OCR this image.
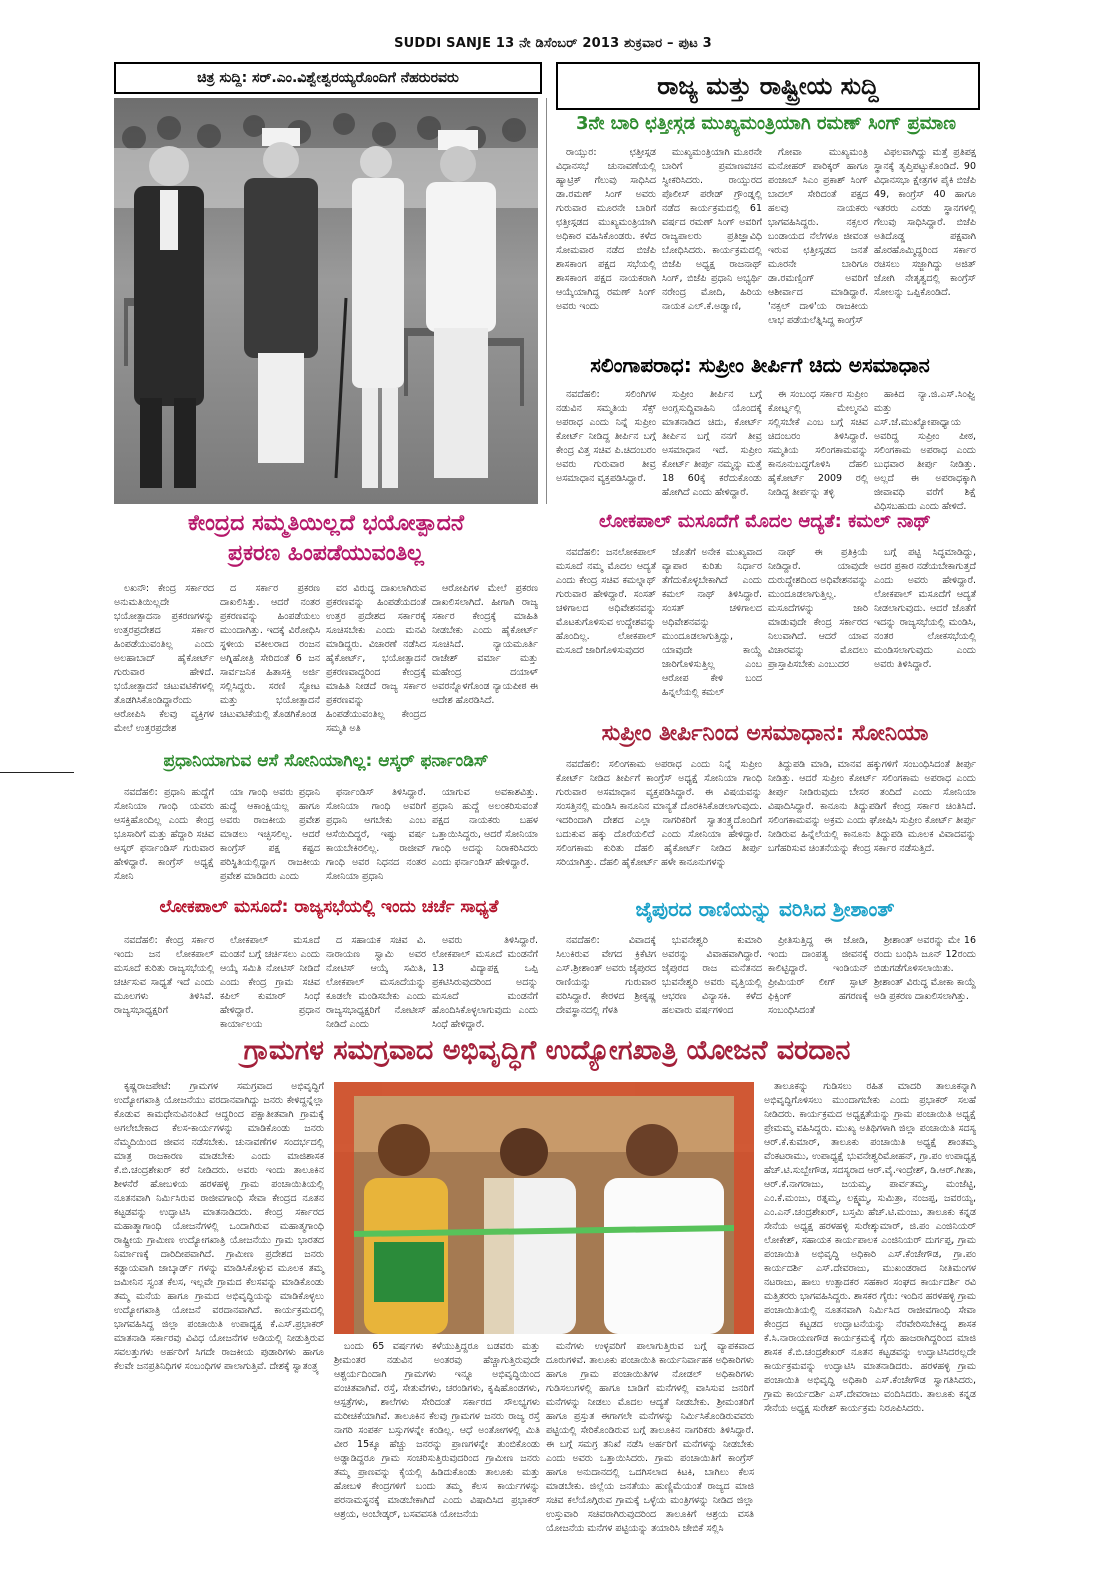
SUDDI SANJE 13 ನೇ ಡಿಸೆಂಬರ್ 2013 ಶುಕ್ರವಾರ – ಪುಟ 3
ಚಿತ್ರ ಸುದ್ದಿ: ಸರ್.ಎಂ.ವಿಶ್ವೇಶ್ವರಯ್ಯರೊಂದಿಗೆ ನೆಹರುರವರು	ರಾಜ್ಯ ಮತ್ತು ರಾಷ್ಟ್ರೀಯ ಸುದ್ದಿ
3ನೇ ಬಾರಿ ಛತ್ತೀಸ್ಗಡ ಮುಖ್ಯಮಂತ್ರಿಯಾಗಿ ರಮಣ್ ಸಿಂಗ್ ಪ್ರಮಾಣ

ರಾಯ್ಪುರ: ಛತ್ತೀಸ್ಗಡ ವಿಧಾನಸಭೆ ಚುನಾವಣೆಯಲ್ಲಿ ಹ್ಯಾಟ್ರಿಕ್ ಗೆಲುವು ಸಾಧಿಸಿದ ಡಾ.ರಮಣ್ ಸಿಂಗ್ ಅವರು ಗುರುವಾರ ಮೂರನೇ ಬಾರಿಗೆ ಛತ್ತೀಸ್ಗಡದ ಮುಖ್ಯಮಂತ್ರಿಯಾಗಿ ಅಧಿಕಾರ ವಹಿಸಿಕೊಂಡರು. ಕಳೆದ ಸೋಮವಾರ ನಡೆದ ಬಿಜೆಪಿ ಶಾಸಕಾಂಗ ಪಕ್ಷದ ಸಭೆಯಲ್ಲಿ ಶಾಸಕಾಂಗ ಪಕ್ಷದ ನಾಯಕರಾಗಿ ಆಯ್ಕೆಯಾಗಿದ್ದ ರಮಣ್ ಸಿಂಗ್ ಅವರು ಇಂದು

ಮುಖ್ಯಮಂತ್ರಿಯಾಗಿ ಮೂರನೇ ಬಾರಿಗೆ ಪ್ರಮಾಣವಚನ ಸ್ವೀಕರಿಸಿದರು. ರಾಯ್ಪುರದ ಪೊಲೀಸ್ ಪರೇಡ್ ಗ್ರೌಂಡ್ನಲ್ಲಿ ನಡೆದ ಕಾರ್ಯಕ್ರಮದಲ್ಲಿ 61 ವರ್ಷದ ರಮಣ್ ಸಿಂಗ್ ಅವರಿಗೆ ರಾಜ್ಯಪಾಲರು ಪ್ರತಿಜ್ಞಾವಿಧಿ ಬೋಧಿಸಿದರು. ಕಾರ್ಯಕ್ರಮದಲ್ಲಿ ಬಿಜೆಪಿ ಅಧ್ಯಕ್ಷ ರಾಜನಾಥ್ ಸಿಂಗ್, ಬಿಜೆಪಿ ಪ್ರಧಾನಿ ಅಭ್ಯರ್ಥಿ ನರೇಂದ್ರ ಮೋದಿ, ಹಿರಿಯ ನಾಯಕ ಎಲ್.ಕೆ.ಅಡ್ವಾಣಿ,

ಗೋವಾ ಮುಖ್ಯಮಂತ್ರಿ ಮನೋಹರ್ ಪಾರಿಕ್ಕರ್ ಹಾಗೂ ಪಂಜಾಬ್ ಸಿಎಂ ಪ್ರಕಾಶ್ ಸಿಂಗ್ ಬಾದಲ್ ಸೇರಿದಂತೆ ಪಕ್ಷದ ಹಲವು ನಾಯಕರು ಭಾಗವಹಿಸಿದ್ದರು. ನಕ್ಸಲರ ಬಂಡಾಯದ ನೆಲೆಗಳೂ ಜೀವಂತ ಇರುವ ಛತ್ತೀಸ್ಗಡದ ಜನತೆ ಮೂರನೇ ಬಾರಿಗೂ ಡಾ.ರಮಣ್ಸಿಂಗ್ ಅವರಿಗೆ ಆಶೀರ್ವಾದ ಮಾಡಿದ್ದಾರೆ. 'ನಕ್ಸಲ್ ದಾಳಿ'ಯ ರಾಜಕೀಯ ಲಾಭ ಪಡೆಯಲೆತ್ನಿಸಿದ್ದ ಕಾಂಗ್ರೆಸ್

ವಿಫಲವಾಗಿದ್ದು ಮತ್ತೆ ಪ್ರತಿಪಕ್ಷ ಸ್ಥಾನಕ್ಕೆ ತೃಪ್ತಿಪಟ್ಟುಕೊಂಡಿದೆ. 90 ವಿಧಾನಸಭಾ ಕ್ಷೇತ್ರಗಳ ಪೈಕಿ ಬಿಜೆಪಿ 49, ಕಾಂಗ್ರೆಸ್ 40 ಹಾಗೂ ಇತರರು ಎರಡು ಸ್ಥಾನಗಳಲ್ಲಿ ಗೆಲುವು ಸಾಧಿಸಿದ್ದಾರೆ. ಬಿಜೆಪಿ ಅತಿದೊಡ್ಡ ಪಕ್ಷವಾಗಿ ಹೊರಹೊಮ್ಮಿದ್ದರಿಂದ ಸರ್ಕಾರ ರಚಿಸಲು ಸಜ್ಜಾಗಿದ್ದು ಅಜಿತ್ ಜೋಗಿ ನೇತೃತ್ವದಲ್ಲಿ ಕಾಂಗ್ರೆಸ್ ಸೋಲನ್ನು ಒಪ್ಪಿಕೊಂಡಿದೆ.

ಸಲಿಂಗಾಪರಾಧ: ಸುಪ್ರೀಂ ತೀರ್ಪಿಗೆ ಚಿದು ಅಸಮಾಧಾನ

ನವದೆಹಲಿ: ಸಲಿಂಗಿಗಳ ನಡುವಿನ ಸಮ್ಮತಿಯ ಸೆಕ್ಸ್ ಅಪರಾಧ ಎಂದು ನಿನ್ನೆ ಸುಪ್ರೀಂ ಕೋರ್ಟ್ ನೀಡಿದ್ದ ತೀರ್ಪಿನ ಬಗ್ಗೆ ಕೇಂದ್ರ ವಿತ್ತ ಸಚಿವ ಪಿ.ಚಿದಂಬರಂ ಅವರು ಗುರುವಾರ ತೀವ್ರ ಅಸಮಾಧಾನ ವ್ಯಕ್ತಪಡಿಸಿದ್ದಾರೆ.

ಸುಪ್ರೀಂ ತೀರ್ಪಿನ ಬಗ್ಗೆ ಅಂಗ್ಲಸುದ್ದಿವಾಹಿನಿ ಯೊಂದಕ್ಕೆ ಮಾತನಾಡಿದ ಚಿದು, ಕೋರ್ಟ್ ತೀರ್ಪಿನ ಬಗ್ಗೆ ನನಗೆ ತೀವ್ರ ಅಸಮಾಧಾನ ಇದೆ. ಸುಪ್ರೀಂ ಕೋರ್ಟ್ ತೀರ್ಪು ನಮ್ಮನ್ನು ಮತ್ತೆ 18 60ಕ್ಕೆ ಕರೆದುಕೊಂಡು ಹೋಗಿದೆ ಎಂದು ಹೇಳಿದ್ದಾರೆ.

ಈ ಸಂಬಂಧ ಸರ್ಕಾರ ಸುಪ್ರೀಂ ಕೋರ್ಟ್ನಲ್ಲಿ ಮೇಲ್ಮನವಿ ಸಲ್ಲಿಸಬೇಕೆ ಎಂಬ ಬಗ್ಗೆ ಸಚಿವ ಚಿದಂಬರಂ ತಿಳಿಸಿದ್ದಾರೆ. ಸಮ್ಮತಿಯ ಸಲಿಂಗಕಾಮವನ್ನು ಕಾನೂನುಬದ್ಧಗೊಳಿಸಿ ದೆಹಲಿ ಹೈಕೋರ್ಟ್ 2009 ರಲ್ಲಿ ನೀಡಿದ್ದ ತೀರ್ಪನ್ನು ತಳ್ಳಿ

ಹಾಕಿದ ನ್ಯಾ.ಜಿ.ಎಸ್.ಸಿಂಘ್ವಿ ಮತ್ತು ಎಸ್.ಜೆ.ಮುಖ್ಯೋಪಾಧ್ಯಾಯ ಅವರಿದ್ದ ಸುಪ್ರೀಂ ಪೀಠ, ಸಲಿಂಗಕಾಮ ಅಪರಾಧ ಎಂದು ಬುಧವಾರ ತೀರ್ಪು ನೀಡಿತ್ತು. ಅಲ್ಲದೆ ಈ ಅಪರಾಧಕ್ಕಾಗಿ ಜೀವಾವಧಿ ವರೆಗೆ ಶಿಕ್ಷೆ ವಿಧಿಸಬಹುದು ಎಂದು ಹೇಳಿದೆ.

ಕೇಂದ್ರದ ಸಮ್ಮತಿಯಿಲ್ಲದೆ ಭಯೋತ್ಪಾದನೆ
ಪ್ರಕರಣ ಹಿಂಪಡೆಯುವಂತಿಲ್ಲ

ಲಖನೌ: ಕೇಂದ್ರ ಸರ್ಕಾರದ ಅನುಮತಿಯಿಲ್ಲದೇ ಭಯೋತ್ಪಾದನಾ ಪ್ರಕರಣಗಳನ್ನು ಉತ್ತರಪ್ರದೇಶದ ಸರ್ಕಾರ ಹಿಂಪಡೆಯುವಂತಿಲ್ಲ ಎಂದು ಅಲಹಾಬಾದ್ ಹೈಕೋರ್ಟ್ ಗುರುವಾರ ಹೇಳಿದೆ. ಭಯೋತ್ಪಾದನೆ ಚಟುವಟಿಕೆಗಳಲ್ಲಿ ತೊಡಗಿಸಿಕೊಂಡಿದ್ದಾರೆಂದು ಆರೋಪಿಸಿ ಕೆಲವು ವ್ಯಕ್ತಿಗಳ ಮೇಲೆ ಉತ್ತರಪ್ರದೇಶ

ದ ಸರ್ಕಾರ ಪ್ರಕರಣ ದಾಖಲಿಸಿತ್ತು. ಆದರೆ ನಂತರ ಪ್ರಕರಣವನ್ನು ಹಿಂಪಡೆಯಲು ಮುಂದಾಗಿತ್ತು. ಇದಕ್ಕೆ ವಿರೋಧಿಸಿ ಸ್ಥಳೀಯ ವಕೀಲರಾದ ರಂಜನ ಅಗ್ನಿಹೋತ್ರಿ ಸೇರಿದಂತೆ 6 ಜನ ಸಾರ್ವಜನಿಕ ಹಿತಾಸಕ್ತಿ ಅರ್ಜಿ ಸಲ್ಲಿಸಿದ್ದರು. ಸರಣಿ ಸ್ಫೋಟ ಮತ್ತು ಭಯೋತ್ಪಾದನೆ ಚಟುವಟಿಕೆಯಲ್ಲಿ ತೊಡಗಿಕೊಂಡ

ವರ ವಿರುದ್ಧ ದಾಖಲಾಗಿರುವ ಪ್ರಕರಣವನ್ನು ಹಿಂಪಡೆಯದಂತೆ ಉತ್ತರ ಪ್ರದೇಶದ ಸರ್ಕಾರಕ್ಕೆ ಸೂಚಿಸಬೇಕು ಎಂದು ಮನವಿ ಮಾಡಿದ್ದರು. ವಿಚಾರಣೆ ನಡೆಸಿದ ಹೈಕೋರ್ಟ್, ಭಯೋತ್ಪಾದನೆ ಪ್ರಕರಣವಾದ್ದರಿಂದ ಕೇಂದ್ರಕ್ಕೆ ಮಾಹಿತಿ ನೀಡದೆ ರಾಜ್ಯ ಸರ್ಕಾರ ಪ್ರಕರಣವನ್ನು ಹಿಂಪಡೆಯುವಂತಿಲ್ಲ ಕೇಂದ್ರದ ಸಮ್ಮತಿ ಅತಿ

ಆರೋಪಿಗಳ ಮೇಲೆ ಪ್ರಕರಣ ದಾಖಲಿಸಲಾಗಿದೆ. ಹೀಗಾಗಿ ರಾಜ್ಯ ಸರ್ಕಾರ ಕೇಂದ್ರಕ್ಕೆ ಮಾಹಿತಿ ನೀಡಬೇಕು ಎಂದು ಹೈಕೋರ್ಟ್ ಸೂಚಿಸಿದೆ. ನ್ಯಾಯಮೂರ್ತಿ ರಾಜೇಶ್ ವರ್ಮಾ ಮತ್ತು ಮಹೇಂದ್ರ ದಯಾಳ್ ಅವರನ್ನೊಳಗೊಂಡ ನ್ಯಾಯಪೀಠ ಈ ಆದೇಶ ಹೊರಡಿಸಿದೆ.

ಲೋಕಪಾಲ್ ಮಸೂದೆಗೆ ಮೊದಲ ಆದ್ಯತೆ: ಕಮಲ್ ನಾಥ್

ನವದೆಹಲಿ: ಜನಲೋಕಪಾಲ್ ಮಸೂದೆ ನಮ್ಮ ಮೊದಲ ಆದ್ಯತೆ ಎಂದು ಕೇಂದ್ರ ಸಚಿವ ಕಮಲ್ನಾಥ್ ಗುರುವಾರ ಹೇಳಿದ್ದಾರೆ. ಸಂಸತ್ ಚಳಿಗಾಲದ ಅಧಿವೇಶನವನ್ನು ಮೊಟಕುಗೊಳಿಸುವ ಉದ್ದೇಶವನ್ನು ಹೊಂದಿಲ್ಲ. ಲೋಕಪಾಲ್ ಮಸೂದೆ ಜಾರಿಗೊಳಿಸುವುದರ

ಜೊತೆಗೆ ಅನೇಕ ಮುಖ್ಯವಾದ ವ್ಯಾಪಾರ ಕುರಿತು ನಿರ್ಧಾರ ತೆಗೆದುಕೊಳ್ಳಬೇಕಾಗಿದೆ ಎಂದು ಕಮಲ್ ನಾಥ್ ತಿಳಿಸಿದ್ದಾರೆ. ಸಂಸತ್ ಚಳಿಗಾಲದ ಅಧಿವೇಶನವನ್ನು ಮುಂದೂಡಲಾಗುತ್ತಿದ್ದು, ಯಾವುದೇ ಕಾಯ್ದೆ ಜಾರಿಗೊಳಿಸುತ್ತಿಲ್ಲ ಎಂಬ ಆರೋಪ ಕೇಳಿ ಬಂದ ಹಿನ್ನಲೆಯಲ್ಲಿ ಕಮಲ್

ನಾಥ್ ಈ ಪ್ರತಿಕ್ರಿಯೆ ನೀಡಿದ್ದಾರೆ. ಯಾವುದೇ ದುರುದ್ದೇಶದಿಂದ ಅಧಿವೇಶನವನ್ನು ಮುಂದೂಡಲಾಗುತ್ತಿಲ್ಲ. ಮಸೂದೆಗಳನ್ನು ಜಾರಿ ಮಾಡುವುದೇ ಕೇಂದ್ರ ಸರ್ಕಾರದ ನಿಲುವಾಗಿದೆ. ಆದರೆ ಯಾವ ವಿಚಾರವನ್ನು ಮೊದಲು ಪ್ರಾಸ್ತಾಪಿಸಬೇಕು ಎಂಬುದರ

ಬಗ್ಗೆ ಪಟ್ಟಿ ಸಿದ್ಧಮಾಡಿದ್ದು, ಅದರ ಪ್ರಕಾರ ನಡೆಯಬೇಕಾಗುತ್ತದೆ ಎಂದು ಅವರು ಹೇಳಿದ್ದಾರೆ. ಲೋಕಪಾಲ್ ಮಸೂದೆಗೆ ಆದ್ಯತೆ ನೀಡಲಾಗುವುದು. ಆದರೆ ಜೊತೆಗೆ ಇದನ್ನು ರಾಜ್ಯಸಭೆಯಲ್ಲಿ ಮಂಡಿಸಿ, ನಂತರ ಲೋಕಸಭೆಯಲ್ಲಿ ಮಂಡಿಸಲಾಗುವುದು ಎಂದು ಅವರು ತಿಳಿಸಿದ್ದಾರೆ.

ಪ್ರಧಾನಿಯಾಗುವ ಆಸೆ ಸೋನಿಯಾಗಿಲ್ಲ: ಆಸ್ಕರ್ ಫರ್ನಾಂಡಿಸ್

ನವದೆಹಲಿ: ಪ್ರಧಾನಿ ಹುದ್ದೆಗೆ ಸೋನಿಯಾ ಗಾಂಧಿ ಯವರು ಆಸಕ್ತಿಹೊಂದಿಲ್ಲ ಎಂದು ಕೇಂದ್ರ ಭೂಸಾರಿಗೆ ಮತ್ತು ಹೆದ್ದಾರಿ ಸಚಿವ ಆಸ್ಕರ್ ಫರ್ನಾಂಡಿಸ್ ಗುರುವಾರ ಹೇಳಿದ್ದಾರೆ. ಕಾಂಗ್ರೆಸ್ ಅಧ್ಯಕ್ಷೆ ಸೋನಿ

ಯಾ ಗಾಂಧಿ ಅವರು ಪ್ರಧಾನಿ ಹುದ್ದೆ ಆಕಾಂಕ್ಷಿಯಲ್ಲ ಹಾಗೂ ಅವರು ರಾಜಕೀಯ ಪ್ರವೇಶ ಮಾಡಲು ಇಚ್ಛಿಸಲಿಲ್ಲ. ಆದರೆ ಕಾಂಗ್ರೆಸ್ ಪಕ್ಷ ಕಷ್ಟದ ಪರಿಸ್ಥಿತಿಯಲ್ಲಿದ್ದಾಗ ರಾಜಕೀಯ ಪ್ರವೇಶ ಮಾಡಿದರು ಎಂದು

ಫರ್ನಾಂಡಿಸ್ ತಿಳಿಸಿದ್ದಾರೆ. ಸೋನಿಯಾ ಗಾಂಧಿ ಅವರಿಗೆ ಪ್ರಧಾನಿ ಆಗಬೇಕು ಎಂಬ ಆಸೆಯಿದಿದ್ದರೆ, ಇಷ್ಟು ವರ್ಷ ಕಾಯಬೇಕಿರಲಿಲ್ಲ. ರಾಜೀವ್ ಗಾಂಧಿ ಅವರ ನಿಧನದ ನಂತರ ಸೋನಿಯಾ ಪ್ರಧಾನಿ

ಯಾಗುವ ಅವಕಾಶವಿತ್ತು. ಪ್ರಧಾನಿ ಹುದ್ದೆ ಅಲಂಕರಿಸುವಂತೆ ಪಕ್ಷದ ನಾಯಕರು ಬಹಳ ಒತ್ತಾಯಿಸಿದ್ದರು, ಆದರೆ ಸೋನಿಯಾ ಗಾಂಧಿ ಅದನ್ನು ನಿರಾಕರಿಸಿದರು ಎಂದು ಫರ್ನಾಂಡಿಸ್ ಹೇಳಿದ್ದಾರೆ.

ಸುಪ್ರೀಂ ತೀರ್ಪಿನಿಂದ ಅಸಮಾಧಾನ: ಸೋನಿಯಾ

ನವದೆಹಲಿ: ಸಲಿಂಗಕಾಮ ಅಪರಾಧ ಎಂದು ನಿನ್ನೆ ಸುಪ್ರೀಂ ಕೋರ್ಟ್ ನೀಡಿದ ತೀರ್ಪಿಗೆ ಕಾಂಗ್ರೆಸ್ ಅಧ್ಯಕ್ಷೆ ಸೋನಿಯಾ ಗಾಂಧಿ ಗುರುವಾರ ಅಸಮಾಧಾನ ವ್ಯಕ್ತಪಡಿಸಿದ್ದಾರೆ. ಈ ವಿಷಯವನ್ನು ಸಂಸತ್ತಿನಲ್ಲಿ ಮಂಡಿಸಿ ಕಾನೂನಿನ ಮಾನ್ಯತೆ ದೊರಕಿಸಿಕೊಡಲಾಗುವುದು. ಇದರಿಂದಾಗಿ ದೇಶದ ಎಲ್ಲಾ ನಾಗರಿಕರಿಗೆ ಸ್ವಾತಂತ್ರ್ಯದೊಂದಿಗೆ ಬದುಕುವ ಹಕ್ಕು ದೊರೆಯಲಿದೆ ಎಂದು ಸೋನಿಯಾ ಹೇಳಿದ್ದಾರೆ. ಸಲಿಂಗಕಾಮ ಕುರಿತು ದೆಹಲಿ ಹೈಕೋರ್ಟ್ ನೀಡಿದ ತೀರ್ಪು ಸರಿಯಾಗಿತ್ತು. ದೆಹಲಿ ಹೈಕೋರ್ಟ್ ಹಳೇ ಕಾನೂನುಗಳನ್ನು

ತಿದ್ದುಪಡಿ ಮಾಡಿ, ಮಾನವ ಹಕ್ಕುಗಳಿಗೆ ಸಂಬಂಧಿಸಿದಂತೆ ತೀರ್ಪು ನೀಡಿತ್ತು. ಆದರೆ ಸುಪ್ರೀಂ ಕೋರ್ಟ್ ಸಲಿಂಗಕಾಮ ಅಪರಾಧ ಎಂದು ತೀರ್ಪು ನೀಡಿರುವುದು ಬೇಸರ ತಂದಿದೆ ಎಂದು ಸೋನಿಯಾ ವಿಷಾದಿಸಿದ್ದಾರೆ. ಕಾನೂನು ತಿದ್ದುಪಡಿಗೆ ಕೇಂದ್ರ ಸರ್ಕಾರ ಚಿಂತಿಸಿದೆ. ಸಲಿಂಗಕಾಮವನ್ನು ಅಕ್ರಮ ಎಂದು ಘೋಷಿಸಿ ಸುಪ್ರೀಂ ಕೋರ್ಟ್ ತೀರ್ಪು ನೀಡಿರುವ ಹಿನ್ನೆಲೆಯಲ್ಲಿ ಕಾನೂನು ತಿದ್ದುಪಡಿ ಮೂಲಕ ವಿವಾದವನ್ನು ಬಗೆಹರಿಸುವ ಚಿಂತನೆಯನ್ನು ಕೇಂದ್ರ ಸರ್ಕಾರ ನಡೆಸುತ್ತಿದೆ.

ಲೋಕಪಾಲ್ ಮಸೂದೆ: ರಾಜ್ಯಸಭೆಯಲ್ಲಿ ಇಂದು ಚರ್ಚೆ ಸಾಧ್ಯತೆ

ನವದೆಹಲಿ: ಕೇಂದ್ರ ಸರ್ಕಾರ ಇಂದು ಜನ ಲೋಕಪಾಲ್ ಮಸೂದೆ ಕುರಿತು ರಾಜ್ಯಸಭೆಯಲ್ಲಿ ಚರ್ಚಿಸುವ ಸಾಧ್ಯತೆ ಇದೆ ಎಂದು ಮೂಲಗಳು ತಿಳಿಸಿವೆ. ರಾಜ್ಯಸಭಾಧ್ಯಕ್ಷರಿಗೆ

ಲೋಕಪಾಲ್ ಮಸೂದೆ ಮಂಡನೆ ಬಗ್ಗೆ ಚರ್ಚಿಸಲು ಎಂದು ಆಯ್ಕೆ ಸಮಿತಿ ನೋಟಿಸ್ ನೀಡಿದೆ ಎಂದು ಕೇಂದ್ರ ಗ್ರಾಮ ಸಚಿವ ಕಪಿಲ್ ಕುಮಾರ್ ಸಿಂಧೆ ಹೇಳಿದ್ದಾರೆ. ಪ್ರಧಾನ ಕಾರ್ಯಾಲಯ

ದ ಸಹಾಯಕ ಸಚಿವ ವಿ. ನಾರಾಯಣ ಸ್ವಾಮಿ ಅವರ ನೋಟಿಸ್ ಆಯ್ಕೆ ಸಮಿತಿ, ಲೋಕಪಾಲ್ ಮಸೂದೆಯನ್ನು ಕೂಡಲೇ ಮಂಡಿಸಬೇಕು ಎಂದು ರಾಜ್ಯಸಭಾಧ್ಯಕ್ಷರಿಗೆ ನೋಟೀಸ್ ನೀಡಿದೆ ಎಂದು

ಅವರು ತಿಳಿಸಿದ್ದಾರೆ. ಲೋಕಪಾಲ್ ಮಸೂದೆ ಮಂಡನೆಗೆ 13 ವಿದ್ಯಾಪಕ್ಷ ಒಪ್ಪಿ ಪ್ರಕಟಿಸಿರುವುದರಿಂದ ಅದನ್ನು ಮಸೂದೆ ಮಂಡನೆಗೆ ಹೊಂದಿಸಿಕೊಳ್ಳಲಾಗುವುದು ಎಂದು ಸಿಂಧೆ ಹೇಳಿದ್ದಾರೆ.

ಜೈಪುರದ ರಾಣಿಯನ್ನು ವರಿಸಿದ ಶ್ರೀಶಾಂತ್

ನವದೆಹಲಿ: ವಿವಾದಕ್ಕೆ ಸಿಲುಕಿರುವ ವೇಗದ ಕ್ರಿಕೆಟಿಗ ಎಸ್.ಶ್ರೀಶಾಂತ್ ಅವರು ಜೈಪುರದ ರಾಣಿಯನ್ನು ಗುರುವಾರ ವರಿಸಿದ್ದಾರೆ. ಕೇರಳದ ಶ್ರೀಕೃಷ್ಣ ದೇವಸ್ಥಾನದಲ್ಲಿ ಗೆಳತಿ

ಭುವನೇಶ್ವರಿ ಕುಮಾರಿ ಅವರನ್ನು ವಿವಾಹವಾಗಿದ್ದಾರೆ. ಜೈಪುರದ ರಾಜ ಮನೆತನದ ಭುವನೇಶ್ವರಿ ಅವರು ವೃತ್ತಿಯಲ್ಲಿ ಆಭರಣ ವಿನ್ಯಾಸಕಿ. ಕಳೆದ ಹಲವಾರು ವರ್ಷಗಳಿಂದ

ಪ್ರೀತಿಸುತ್ತಿದ್ದ ಈ ಜೋಡಿ, ಇಂದು ದಾಂಪತ್ಯ ಜೀವನಕ್ಕೆ ಕಾಲಿಟ್ಟಿದ್ದಾರೆ. ಇಂಡಿಯನ್ ಪ್ರೀಮಿಯರ್ ಲೀಗ್ ಸ್ಪಾಟ್ ಫಿಕ್ಸಿಂಗ್ ಹಗರಣಕ್ಕೆ ಸಂಬಂಧಿಸಿದಂತೆ

ಶ್ರೀಶಾಂತ್ ಅವರನ್ನು ಮೇ 16 ರಂದು ಬಂಧಿಸಿ ಜೂನ್ 12ರಂದು ಬಿಡುಗಡೆಗೊಳಿಸಲಾಯಿತು. ಶ್ರೀಶಾಂತ್ ವಿರುದ್ಧ ಮೋಕಾ ಕಾಯ್ದೆ ಅಡಿ ಪ್ರಕರಣ ದಾಖಲಿಸಲಾಗಿತ್ತು.

ಗ್ರಾಮಗಳ ಸಮಗ್ರವಾದ ಅಭಿವೃದ್ಧಿಗೆ ಉದ್ಯೋಗಖಾತ್ರಿ ಯೋಜನೆ ವರದಾನ

ಕೃಷ್ಣರಾಜಪೇಟೆ: ಗ್ರಾಮಗಳ ಸಮಗ್ರವಾದ ಅಭಿವೃದ್ಧಿಗೆ ಉದ್ಯೋಗಖಾತ್ರಿ ಯೋಜನೆಯು ವರದಾನವಾಗಿದ್ದು ಜನರು ಕೇಳಿದ್ದನ್ನೆಲ್ಲಾ ಕೊಡುವ ಕಾಮಧೇನುವಿನಂತಿದೆ ಆದ್ದರಿಂದ ಪಕ್ಷಾತೀತವಾಗಿ ಗ್ರಾಮಕ್ಕೆ ಅಗಲೇಬೇಕಾದ ಕೆಲಸ-ಕಾರ್ಯಗಳನ್ನು ಮಾಡಿಕೊಂಡು ಜನರು ನೆಮ್ಮದಿಯಿಂದ ಜೀವನ ನಡೆಸಬೇಕು. ಚುನಾವಣೆಗಳ ಸಂದರ್ಭದಲ್ಲಿ ಮಾತ್ರ ರಾಜಕಾರಣ ಮಾಡಬೇಕು ಎಂದು ಮಾಜಿಶಾಸಕ ಕೆ.ಬಿ.ಚಂದ್ರಶೇಖರ್ ಕರೆ ನೀಡಿದರು. ಅವರು ಇಂದು ತಾಲೂಕಿನ ಶೀಳನೆರೆ ಹೋಬಳಿಯ ಹರಳಹಳ್ಳಿ ಗ್ರಾಮ ಪಂಚಾಯಿತಿಯಲ್ಲಿ ನೂತನವಾಗಿ ನಿರ್ಮಿಸಿರುವ ರಾಜೀವಗಾಂಧಿ ಸೇವಾ ಕೇಂದ್ರದ ನೂತನ ಕಟ್ಟಡವನ್ನು ಉದ್ಘಾಟಿಸಿ ಮಾತನಾಡಿದರು. ಕೇಂದ್ರ ಸರ್ಕಾರದ ಮಹಾತ್ಮಾಗಾಂಧಿ ಯೋಜನೆಗಳಲ್ಲಿ ಒಂದಾಗಿರುವ ಮಹಾತ್ಮಗಾಂಧಿ ರಾಷ್ಟ್ರೀಯ ಗ್ರಾಮೀಣ ಉದ್ಯೋಗಖಾತ್ರಿ ಯೋಜನೆಯು ಗ್ರಾಮ ಭಾರತದ ನಿರ್ಮಾಣಕ್ಕೆ ದಾರಿದೀಪವಾಗಿದೆ. ಗ್ರಾಮೀಣ ಪ್ರದೇಶದ ಜನರು ಕಡ್ಡಾಯವಾಗಿ ಜಾಬ್ಕಾರ್ಡ್ ಗಳನ್ನು ಮಾಡಿಸಿಕೊಳ್ಳುವ ಮೂಲಕ ತಮ್ಮ ಜಮೀನಿನ ಸ್ವಂತ ಕೆಲಸ, ಇಲ್ಲವೇ ಗ್ರಾಮದ ಕೆಲಸವನ್ನು ಮಾಡಿಕೊಂಡು ತಮ್ಮ ಮನೆಯ ಹಾಗೂ ಗ್ರಾಮದ ಅಭಿವೃದ್ಧಿಯನ್ನು ಮಾಡಿಕೊಳ್ಳಲು ಉದ್ಯೋಗಖಾತ್ರಿ ಯೋಜನೆ ವರದಾನವಾಗಿದೆ. ಕಾರ್ಯಕ್ರಮದಲ್ಲಿ ಭಾಗವಹಿಸಿದ್ದ ಜಿಲ್ಲಾ ಪಂಚಾಯಿತಿ ಉಪಾಧ್ಯಕ್ಷ ಕೆ.ಎಸ್.ಪ್ರಭಾಕರ್ ಮಾತನಾಡಿ ಸರ್ಕಾರವು ವಿವಿಧ ಯೋಜನೆಗಳ ಅಡಿಯಲ್ಲಿ ನೀಡುತ್ತಿರುವ ಸವಲತ್ತುಗಳು ಅರ್ಹರಿಗೆ ಸಿಗದೇ ರಾಜಕೀಯ ಪುಡಾರಿಗಳು ಹಾಗೂ ಕೆಲವೇ ಜನಪ್ರತಿನಿಧಿಗಳ ಸಂಬಂಧಿಗಳ ಪಾಲಾಗುತ್ತಿವೆ. ದೇಶಕ್ಕೆ ಸ್ವಾತಂತ್ರ್ಯ

ಬಂದು 65 ವರ್ಷಗಳು ಕಳೆಯುತ್ತಿದ್ದರೂ ಬಡವರು ಮತ್ತು ಶ್ರೀಮಂತರ ನಡುವಿನ ಅಂತರವು ಹೆಚ್ಚಾಗುತ್ತಿರುವುದೇ ಆಶ್ಚರ್ಯದಿಂದಾಗಿ ಗ್ರಾಮಗಳು ಇನ್ನೂ ಅಭಿವೃದ್ಧಿಯಿಂದ ವಂಚಿತವಾಗಿವೆ. ರಸ್ತೆ, ಸೇತುವೆಗಳು, ಚರಂಡಿಗಳು, ಕೃಷಿಹೊಂಡಗಳು, ಆಸ್ಪತ್ರೆಗಳು, ಶಾಲೆಗಳು ಸೇರಿದಂತೆ ಸರ್ಕಾರದ ಸೌಲಭ್ಯಗಳು ಮರೀಚಿಕೆಯಾಗಿವೆ. ತಾಲೂಕಿನ ಕೆಲವು ಗ್ರಾಮಗಳ ಜನರು ರಾಜ್ಯ ರಸ್ತೆ ನಾಗರಿ ಸಂಪರ್ಕ ಬಸ್ಸುಗಳನ್ನೇ ಕಂಡಿಲ್ಲ. ಆಧೆ ಅಂತೋಗಳಲ್ಲಿ ಮಿತಿ ವೀರ 15ಕ್ಕೂ ಹೆಚ್ಚು ಜನರನ್ನು ಪ್ರಾಣಗಳನ್ನೇ ತುಂಬಿಕೊಂಡು ಅಡ್ಡಾಡಿದ್ದರೂ ಗ್ರಾಮ ಸಂಚರಿಸುತ್ತಿರುವುದರಿಂದ ಗ್ರಾಮೀಣ ಜನರು ತಮ್ಮ ಪ್ರಾಣವನ್ನು ಕೈಯಲ್ಲಿ ಹಿಡಿದುಕೊಂಡು ತಾಲೂಕು ಮತ್ತು ಹೋಬಳಿ ಕೇಂದ್ರಗಳಿಗೆ ಬಂದು ತಮ್ಮ ಕೆಲಸ ಕಾರ್ಯಗಳನ್ನು ಪರನಾಮಸ್ಥನಕ್ಕೆ ಮಾಡಬೇಕಾಗಿದೆ ಎಂದು ವಿಷಾದಿಸಿದ ಪ್ರಭಾಕರ್ ಆಶ್ರಯ, ಅಂಬೇಡ್ಕರ್, ಬಸವವಸತಿ ಯೋಜನೆಯ

ಮನೆಗಳು ಉಳ್ಳವರಿಗೆ ಪಾಲಾಗುತ್ತಿರುವ ಬಗ್ಗೆ ವ್ಯಾಪಕವಾದ ದೂರುಗಳಿವೆ. ತಾಲೂಕು ಪಂಚಾಯಿತಿ ಕಾರ್ಯನಿರ್ವಾಹಕ ಅಧಿಕಾರಿಗಳು ಹಾಗೂ ಗ್ರಾಮ ಪಂಚಾಯಿತಿಗಳ ನೋಡಲ್ ಅಧಿಕಾರಿಗಳು ಗುಡಿಸಲುಗಳಲ್ಲಿ ಹಾಗೂ ಬಾಡಿಗೆ ಮನೆಗಳಲ್ಲಿ ವಾಸಿಸುವ ಜನರಿಗೆ ಮನೆಗಳನ್ನು ನೀಡಲು ಮೊದಲ ಆದ್ಯತೆ ನೀಡಬೇಕು. ಶ್ರೀಮಂತರಿಗೆ ಹಾಗೂ ಪ್ರಸ್ತುತ ಈಗಾಗಲೇ ಮನೆಗಳನ್ನು ನಿರ್ಮಿಸಿಕೊಂಡಿರುವವರು ಪಟ್ಟಿಯಲ್ಲಿ ಸೇರಿಕೊಂಡಿರುವ ಬಗ್ಗೆ ತಾಲೂಕಿನ ನಾಗರಿಕರು ತಿಳಿಸಿದ್ದಾರೆ. ಈ ಬಗ್ಗೆ ಸಮಗ್ರ ತನಿಖೆ ನಡೆಸಿ ಅರ್ಹರಿಗೆ ಮನೆಗಳನ್ನು ನೀಡಬೇಕು ಎಂದು ಅವರು ಒತ್ತಾಯಿಸಿದರು. ಗ್ರಾಮ ಪಂಚಾಯಿತಿಗೆ ಕಾಂಗ್ರೆಸ್ ಹಾಗೂ ಅನುದಾನದಲ್ಲಿ ಒದಗಿಸಲಾದ ಕಿಟಕಿ, ಬಾಗಿಲು ಕೆಲಸ ಮಾಡಬೇಕು. ಜಿಲ್ಲೆಯ ಜನತೆಯು ಹುಣ್ಣಿಮೆಯಂತೆ ರಾಜ್ಯದ ಮಾಜಿ ಸಚಿವ ಕಲೆಯೊಗ್ಗಿರುವ ಗ್ರಾಮಕ್ಕೆ ಒಳ್ಳೆಯ ಮಂತ್ರಿಗಳನ್ನು ನೀಡಿದ ಜಿಲ್ಲಾ ಉಸ್ತುವಾರಿ ಸಚಿವರಾಗಿರುವುದರಿಂದ ತಾಲೂಕಿಗೆ ಆಶ್ರಯ ವಸತಿ ಯೋಜನೆಯ ಮನೆಗಳ ಪಟ್ಟಿಯನ್ನು ತಯಾರಿಸಿ ಜೇಬಿಕೆ ಸಲ್ಲಿಸಿ

ತಾಲೂಕನ್ನು ಗುಡಿಸಲು ರಹಿತ ಮಾದರಿ ತಾಲೂಕನ್ನಾಗಿ ಅಭಿವೃದ್ಧಿಗೊಳಿಸಲು ಮುಂದಾಗಬೇಕು ಎಂದು ಪ್ರಭಾಕರ್ ಸಲಹೆ ನೀಡಿದರು. ಕಾರ್ಯಕ್ರಮದ ಅಧ್ಯಕ್ಷತೆಯನ್ನು ಗ್ರಾಮ ಪಂಚಾಯಿತಿ ಅಧ್ಯಕ್ಷೆ ಪ್ರೇಮಮ್ಮ ವಹಿಸಿದ್ದರು. ಮುಖ್ಯ ಅತಿಥಿಗಳಾಗಿ ಜಿಲ್ಲಾ ಪಂಚಾಯಿತಿ ಸದಸ್ಯ ಆರ್.ಕೆ.ಕುಮಾರ್, ತಾಲೂಕು ಪಂಚಾಯಿತಿ ಅಧ್ಯಕ್ಷೆ ಶಾಂತಮ್ಮ ವೆಂಕಟರಾಮು, ಉಪಾಧ್ಯಕ್ಷೆ ಭುವನೇಶ್ವರಿಮೋಹನ್, ಗ್ರಾ.ಪಂ ಉಪಾಧ್ಯಕ್ಷ ಹೆಚ್.ಟಿ.ಸುಬ್ಬೇಗೌಡ, ಸದಸ್ಯರಾದ ಆರ್.ವೈ.ಇಂದ್ರೇಶ್, ಡಿ.ಆರ್.ಗೀತಾ, ಆರ್.ಕೆ.ನಾಗರಾಜು, ಜಯಮ್ಮ, ಪಾರ್ವತಮ್ಮ, ಮಂಜೆಟ್ಟಿ, ಎಂ.ಕೆ.ಮಂಜು, ರತ್ನಮ್ಮ, ಲಕ್ಷ್ಮಮ್ಮ, ಸುಮಿತ್ರಾ, ನಂಜಪ್ಪ, ಜವರಯ್ಯ, ಎಂ.ಎನ್.ಚಂದ್ರಶೇಖರ್, ಬಸ್ತಮಿ ಹೆಚ್.ಟಿ.ಮಂಜು, ತಾಲೂಕು ಕನ್ನಡ ಸೇನೆಯ ಅಧ್ಯಕ್ಷ ಹರಳಹಳ್ಳಿ ಸುರೇಶ್ಕುಮಾರ್, ಜಿ.ಪಂ ಎಂಜಿನಿಯರ್ ಲೋಕೇಶ್, ಸಹಾಯಕ ಕಾರ್ಯಪಾಲಕ ಎಂಜಿನಿಯರ್ ದುರ್ಗಪ್ಪ, ಗ್ರಾಮ ಪಂಚಾಯಿತಿ ಅಭಿವೃದ್ಧಿ ಅಧಿಕಾರಿ ಎಸ್.ಕೆಂಚೇಗೌಡ, ಗ್ರಾ.ಪಂ ಕಾರ್ಯದರ್ಶಿ ಎಸ್.ದೇವರಾಜು, ಮುಖಂಡರಾದ ನೀತಿಮಂಗಳ ನಟರಾಜು, ಹಾಲು ಉತ್ಪಾದಕರ ಸಹಕಾರ ಸಂಘದ ಕಾರ್ಯದರ್ಶಿ ರವಿ ಮತ್ತಿತರರು ಭಾಗವಹಿಸಿದ್ದರು. ಶಾಸಕರ ಗೈರು: ಇಂದಿನ ಹರಳಹಳ್ಳಿ ಗ್ರಾಮ ಪಂಚಾಯಿತಿಯಲ್ಲಿ ನೂತನವಾಗಿ ನಿರ್ಮಿಸಿದ ರಾಜೀವಗಾಂಧಿ ಸೇವಾ ಕೇಂದ್ರದ ಕಟ್ಟಡದ ಉದ್ಘಾಟನೆಯನ್ನು ನೆರವೇರಿಸಬೇಕಿದ್ದ ಶಾಸಕ ಕೆ.ಸಿ.ನಾರಾಯಣಗೌಡ ಕಾರ್ಯಕ್ರಮಕ್ಕೆ ಗೈರು ಹಾಜರಾಗಿದ್ದರಿಂದ ಮಾಜಿ ಶಾಸಕ ಕೆ.ಬಿ.ಚಂದ್ರಶೇಖರ್ ನೂತನ ಕಟ್ಟಡವನ್ನು ಉದ್ಘಾಟಿಸಿದರಲ್ಲದೇ ಕಾರ್ಯಕ್ರಮವನ್ನು ಉದ್ಘಾಟಿಸಿ ಮಾತನಾಡಿದರು. ಹರಳಹಳ್ಳಿ ಗ್ರಾಮ ಪಂಚಾಯಿತಿ ಅಭಿವೃದ್ಧಿ ಅಧಿಕಾರಿ ಎಸ್.ಕೆಂಚೇಗೌಡ ಸ್ವಾಗತಿಸಿದರು, ಗ್ರಾಮ ಕಾರ್ಯದರ್ಶಿ ಎಸ್.ದೇವರಾಜು ವಂದಿಸಿದರು. ತಾಲೂಕು ಕನ್ನಡ ಸೇನೆಯ ಅಧ್ಯಕ್ಷ ಸುರೇಶ್ ಕಾರ್ಯಕ್ರಮ ನಿರೂಪಿಸಿದರು.
